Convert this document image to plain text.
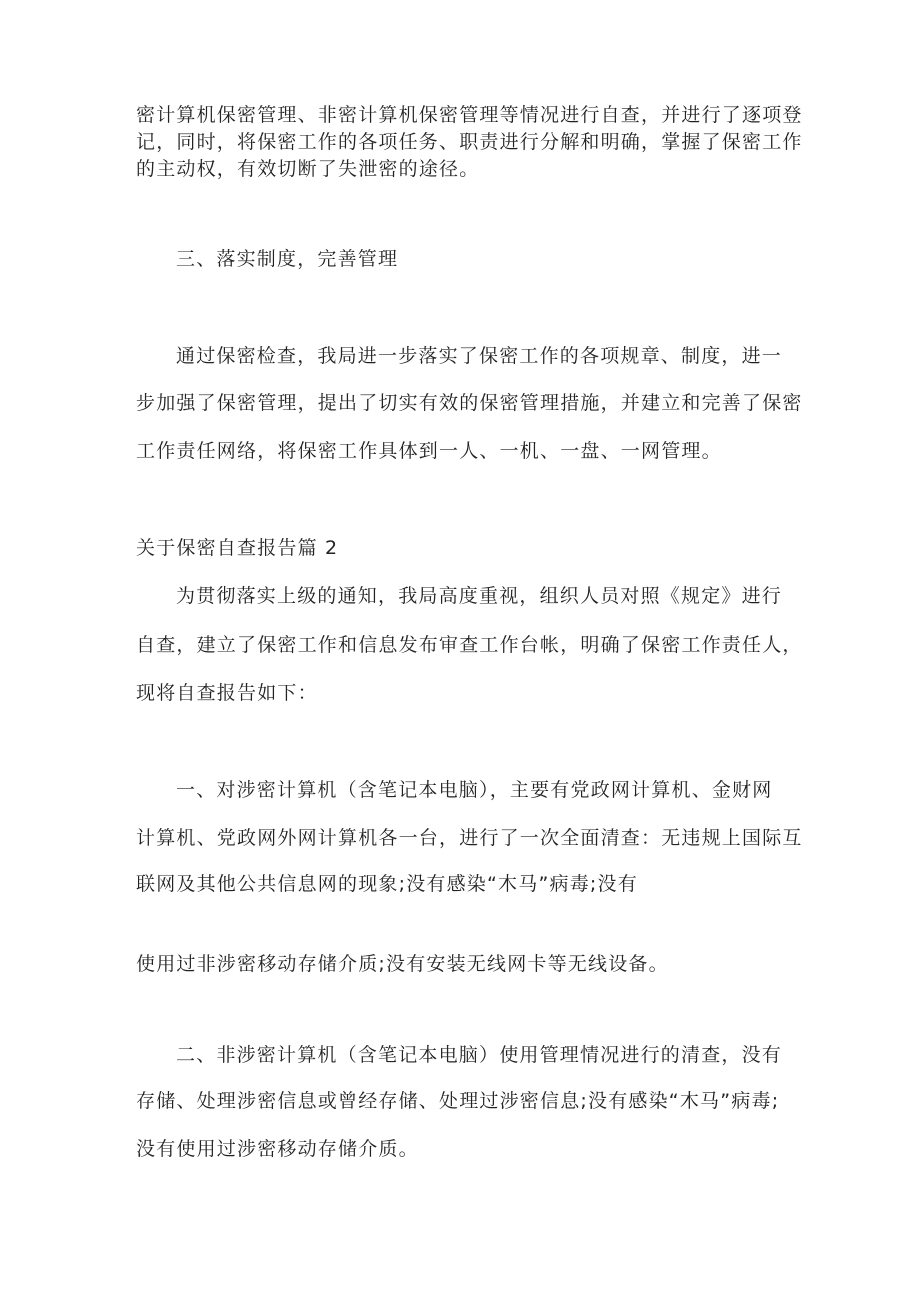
密计算机保密管理、非密计算机保密管理等情况进行自查，并进行了逐项登
记，同时，将保密工作的各项任务、职责进行分解和明确，掌握了保密工作
的主动权，有效切断了失泄密的途径。
三、落实制度，完善管理
通过保密检查，我局进一步落实了保密工作的各项规章、制度，进一
步加强了保密管理，提出了切实有效的保密管理措施，并建立和完善了保密
工作责任网络，将保密工作具体到一人、一机、一盘、一网管理。
关于保密自查报告篇 2
为贯彻落实上级的通知，我局高度重视，组织人员对照《规定》进行
自查，建立了保密工作和信息发布审查工作台帐，明确了保密工作责任人，
现将自查报告如下：
一、对涉密计算机（含笔记本电脑），主要有党政网计算机、金财网
计算机、党政网外网计算机各一台，进行了一次全面清查：无违规上国际互
联网及其他公共信息网的现象;没有感染“木马”病毒;没有
使用过非涉密移动存储介质;没有安装无线网卡等无线设备。
二、非涉密计算机（含笔记本电脑）使用管理情况进行的清查，没有
存储、处理涉密信息或曾经存储、处理过涉密信息;没有感染“木马”病毒;
没有使用过涉密移动存储介质。
